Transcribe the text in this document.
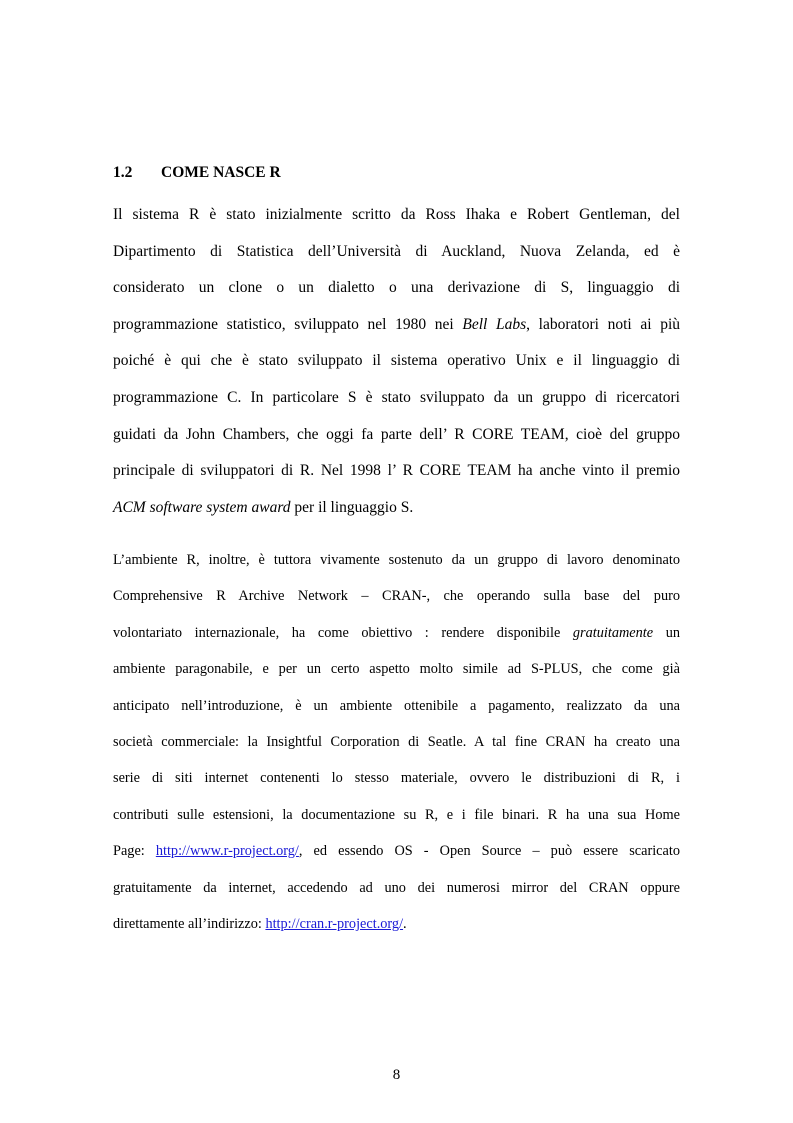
1.2 COME NASCE R
Il sistema R è stato inizialmente scritto da Ross Ihaka e Robert Gentleman, del
Dipartimento di Statistica dell’Università di Auckland, Nuova Zelanda, ed è
considerato un clone o un dialetto o una derivazione di S, linguaggio di
programmazione statistico, sviluppato nel 1980 nei Bell Labs, laboratori noti ai più
poiché è qui che è stato sviluppato il sistema operativo Unix e il linguaggio di
programmazione C. In particolare S è stato sviluppato da un gruppo di ricercatori
guidati da John Chambers, che oggi fa parte dell’ R CORE TEAM, cioè del gruppo
principale di sviluppatori di R. Nel 1998 l’ R CORE TEAM ha anche vinto il premio
ACM software system award per il linguaggio S.
L’ambiente R, inoltre, è tuttora vivamente sostenuto da un gruppo di lavoro denominato
Comprehensive R Archive Network – CRAN-, che operando sulla base del puro
volontariato internazionale, ha come obiettivo : rendere disponibile gratuitamente un
ambiente paragonabile, e per un certo aspetto molto simile ad S-PLUS, che come già
anticipato nell’introduzione, è un ambiente ottenibile a pagamento, realizzato da una
società commerciale: la Insightful Corporation di Seatle. A tal fine CRAN ha creato una
serie di siti internet contenenti lo stesso materiale, ovvero le distribuzioni di R, i
contributi sulle estensioni, la documentazione su R, e i file binari. R ha una sua Home
Page: http://www.r-project.org/, ed essendo OS - Open Source – può essere scaricato
gratuitamente da internet, accedendo ad uno dei numerosi mirror del CRAN oppure
direttamente all’indirizzo: http://cran.r-project.org/.
8
